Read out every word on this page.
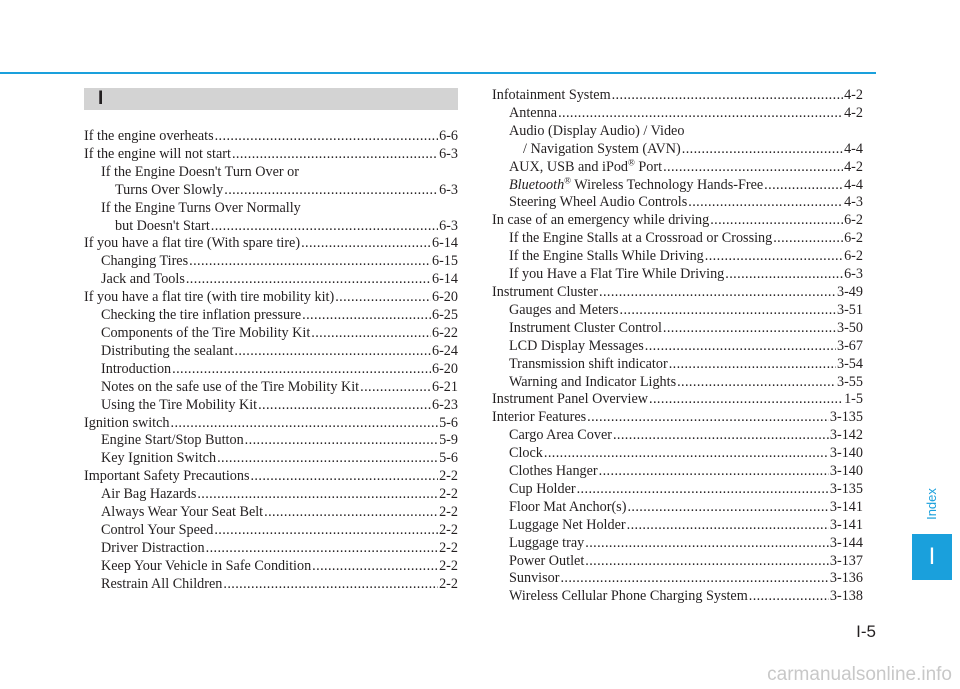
I
If the engine overheats .....	6-6
If the engine will not start .....	6-3
If the Engine Doesn't Turn Over or
Turns Over Slowly .....	6-3
If the Engine Turns Over Normally
but Doesn't Start .....	6-3
If you have a flat tire (With spare tire) .....	6-14
Changing Tires .....	6-15
Jack and Tools .....	6-14
If you have a flat tire (with tire mobility kit) .....	6-20
Checking the tire inflation pressure .....	6-25
Components of the Tire Mobility Kit .....	6-22
Distributing the sealant .....	6-24
Introduction .....	6-20
Notes on the safe use of the Tire Mobility Kit .....	6-21
Using the Tire Mobility Kit .....	6-23
Ignition switch .....	5-6
Engine Start/Stop Button .....	5-9
Key Ignition Switch .....	5-6
Important Safety Precautions .....	2-2
Air Bag Hazards .....	2-2
Always Wear Your Seat Belt .....	2-2
Control Your Speed .....	2-2
Driver Distraction .....	2-2
Keep Your Vehicle in Safe Condition .....	2-2
Restrain All Children .....	2-2
Infotainment System .....	4-2
Antenna .....	4-2
Audio (Display Audio) / Video
/ Navigation System (AVN) .....	4-4
AUX, USB and iPod® Port .....	4-2
Bluetooth® Wireless Technology Hands-Free .....	4-4
Steering Wheel Audio Controls .....	4-3
In case of an emergency while driving .....	6-2
If the Engine Stalls at a Crossroad or Crossing .....	6-2
If the Engine Stalls While Driving .....	6-2
If you Have a Flat Tire While Driving .....	6-3
Instrument Cluster .....	3-49
Gauges and Meters .....	3-51
Instrument Cluster Control .....	3-50
LCD Display Messages .....	3-67
Transmission shift indicator .....	3-54
Warning and Indicator Lights .....	3-55
Instrument Panel Overview .....	1-5
Interior Features .....	3-135
Cargo Area Cover .....	3-142
Clock .....	3-140
Clothes Hanger .....	3-140
Cup Holder .....	3-135
Floor Mat Anchor(s) .....	3-141
Luggage Net Holder .....	3-141
Luggage tray .....	3-144
Power Outlet .....	3-137
Sunvisor .....	3-136
Wireless Cellular Phone Charging System .....	3-138
Index
I
I-5
carmanualsonline.info
